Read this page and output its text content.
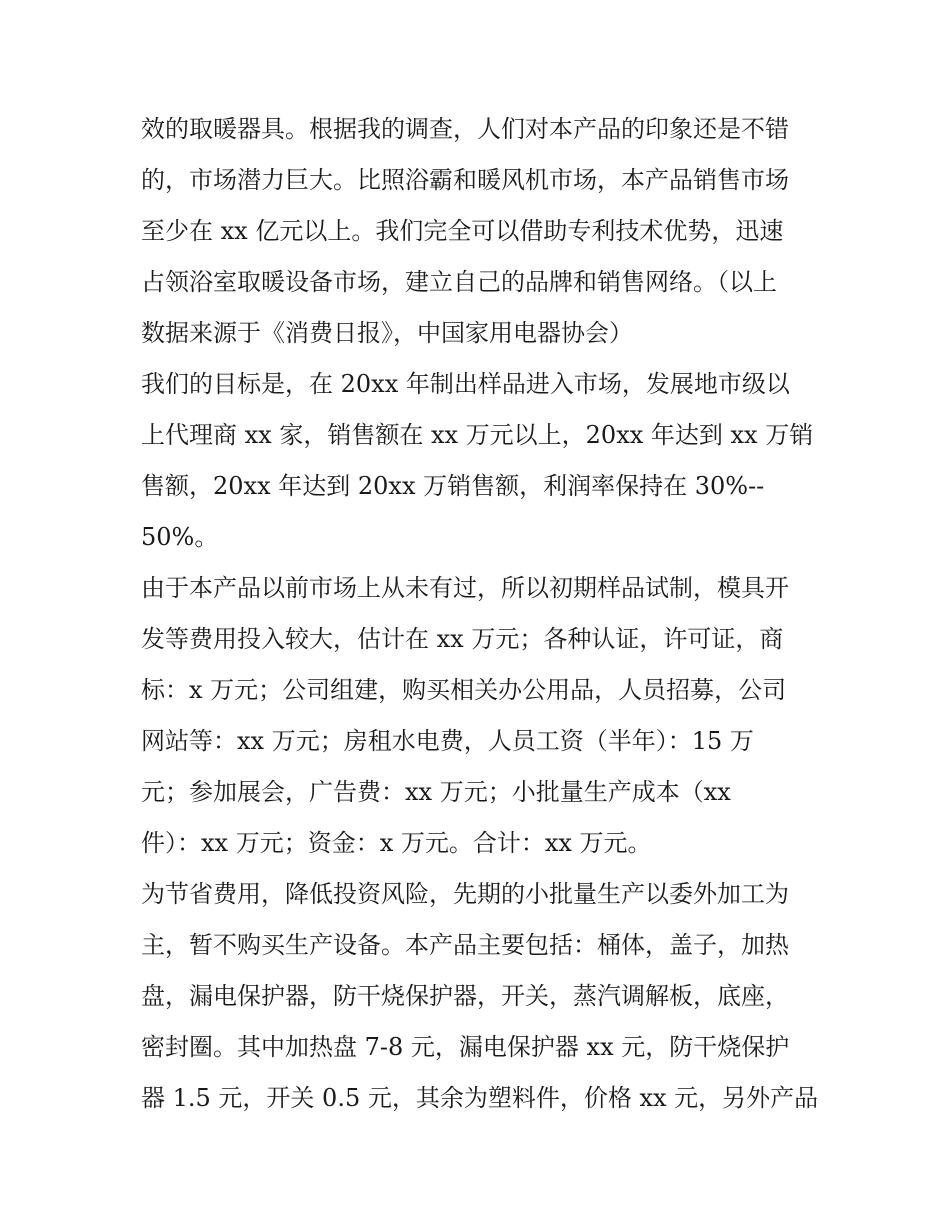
效的取暖器具。根据我的调查，人们对本产品的印象还是不错
的，市场潜力巨大。比照浴霸和暖风机市场，本产品销售市场
至少在 xx 亿元以上。我们完全可以借助专利技术优势，迅速
占领浴室取暖设备市场，建立自己的品牌和销售网络。（以上
数据来源于《消费日报》，中国家用电器协会）
我们的目标是，在 20xx 年制出样品进入市场，发展地市级以
上代理商 xx 家，销售额在 xx 万元以上，20xx 年达到 xx 万销
售额，20xx 年达到 20xx 万销售额，利润率保持在 30%--
50%。
由于本产品以前市场上从未有过，所以初期样品试制，模具开
发等费用投入较大，估计在 xx 万元；各种认证，许可证，商
标：x 万元；公司组建，购买相关办公用品，人员招募，公司
网站等：xx 万元；房租水电费，人员工资（半年）：15 万
元；参加展会，广告费：xx 万元；小批量生产成本（xx
件）：xx 万元；资金：x 万元。合计：xx 万元。
为节省费用，降低投资风险，先期的小批量生产以委外加工为
主，暂不购买生产设备。本产品主要包括：桶体，盖子，加热
盘，漏电保护器，防干烧保护器，开关，蒸汽调解板，底座，
密封圈。其中加热盘 7-8 元，漏电保护器 xx 元，防干烧保护
器 1.5 元，开关 0.5 元，其余为塑料件，价格 xx 元，另外产品
